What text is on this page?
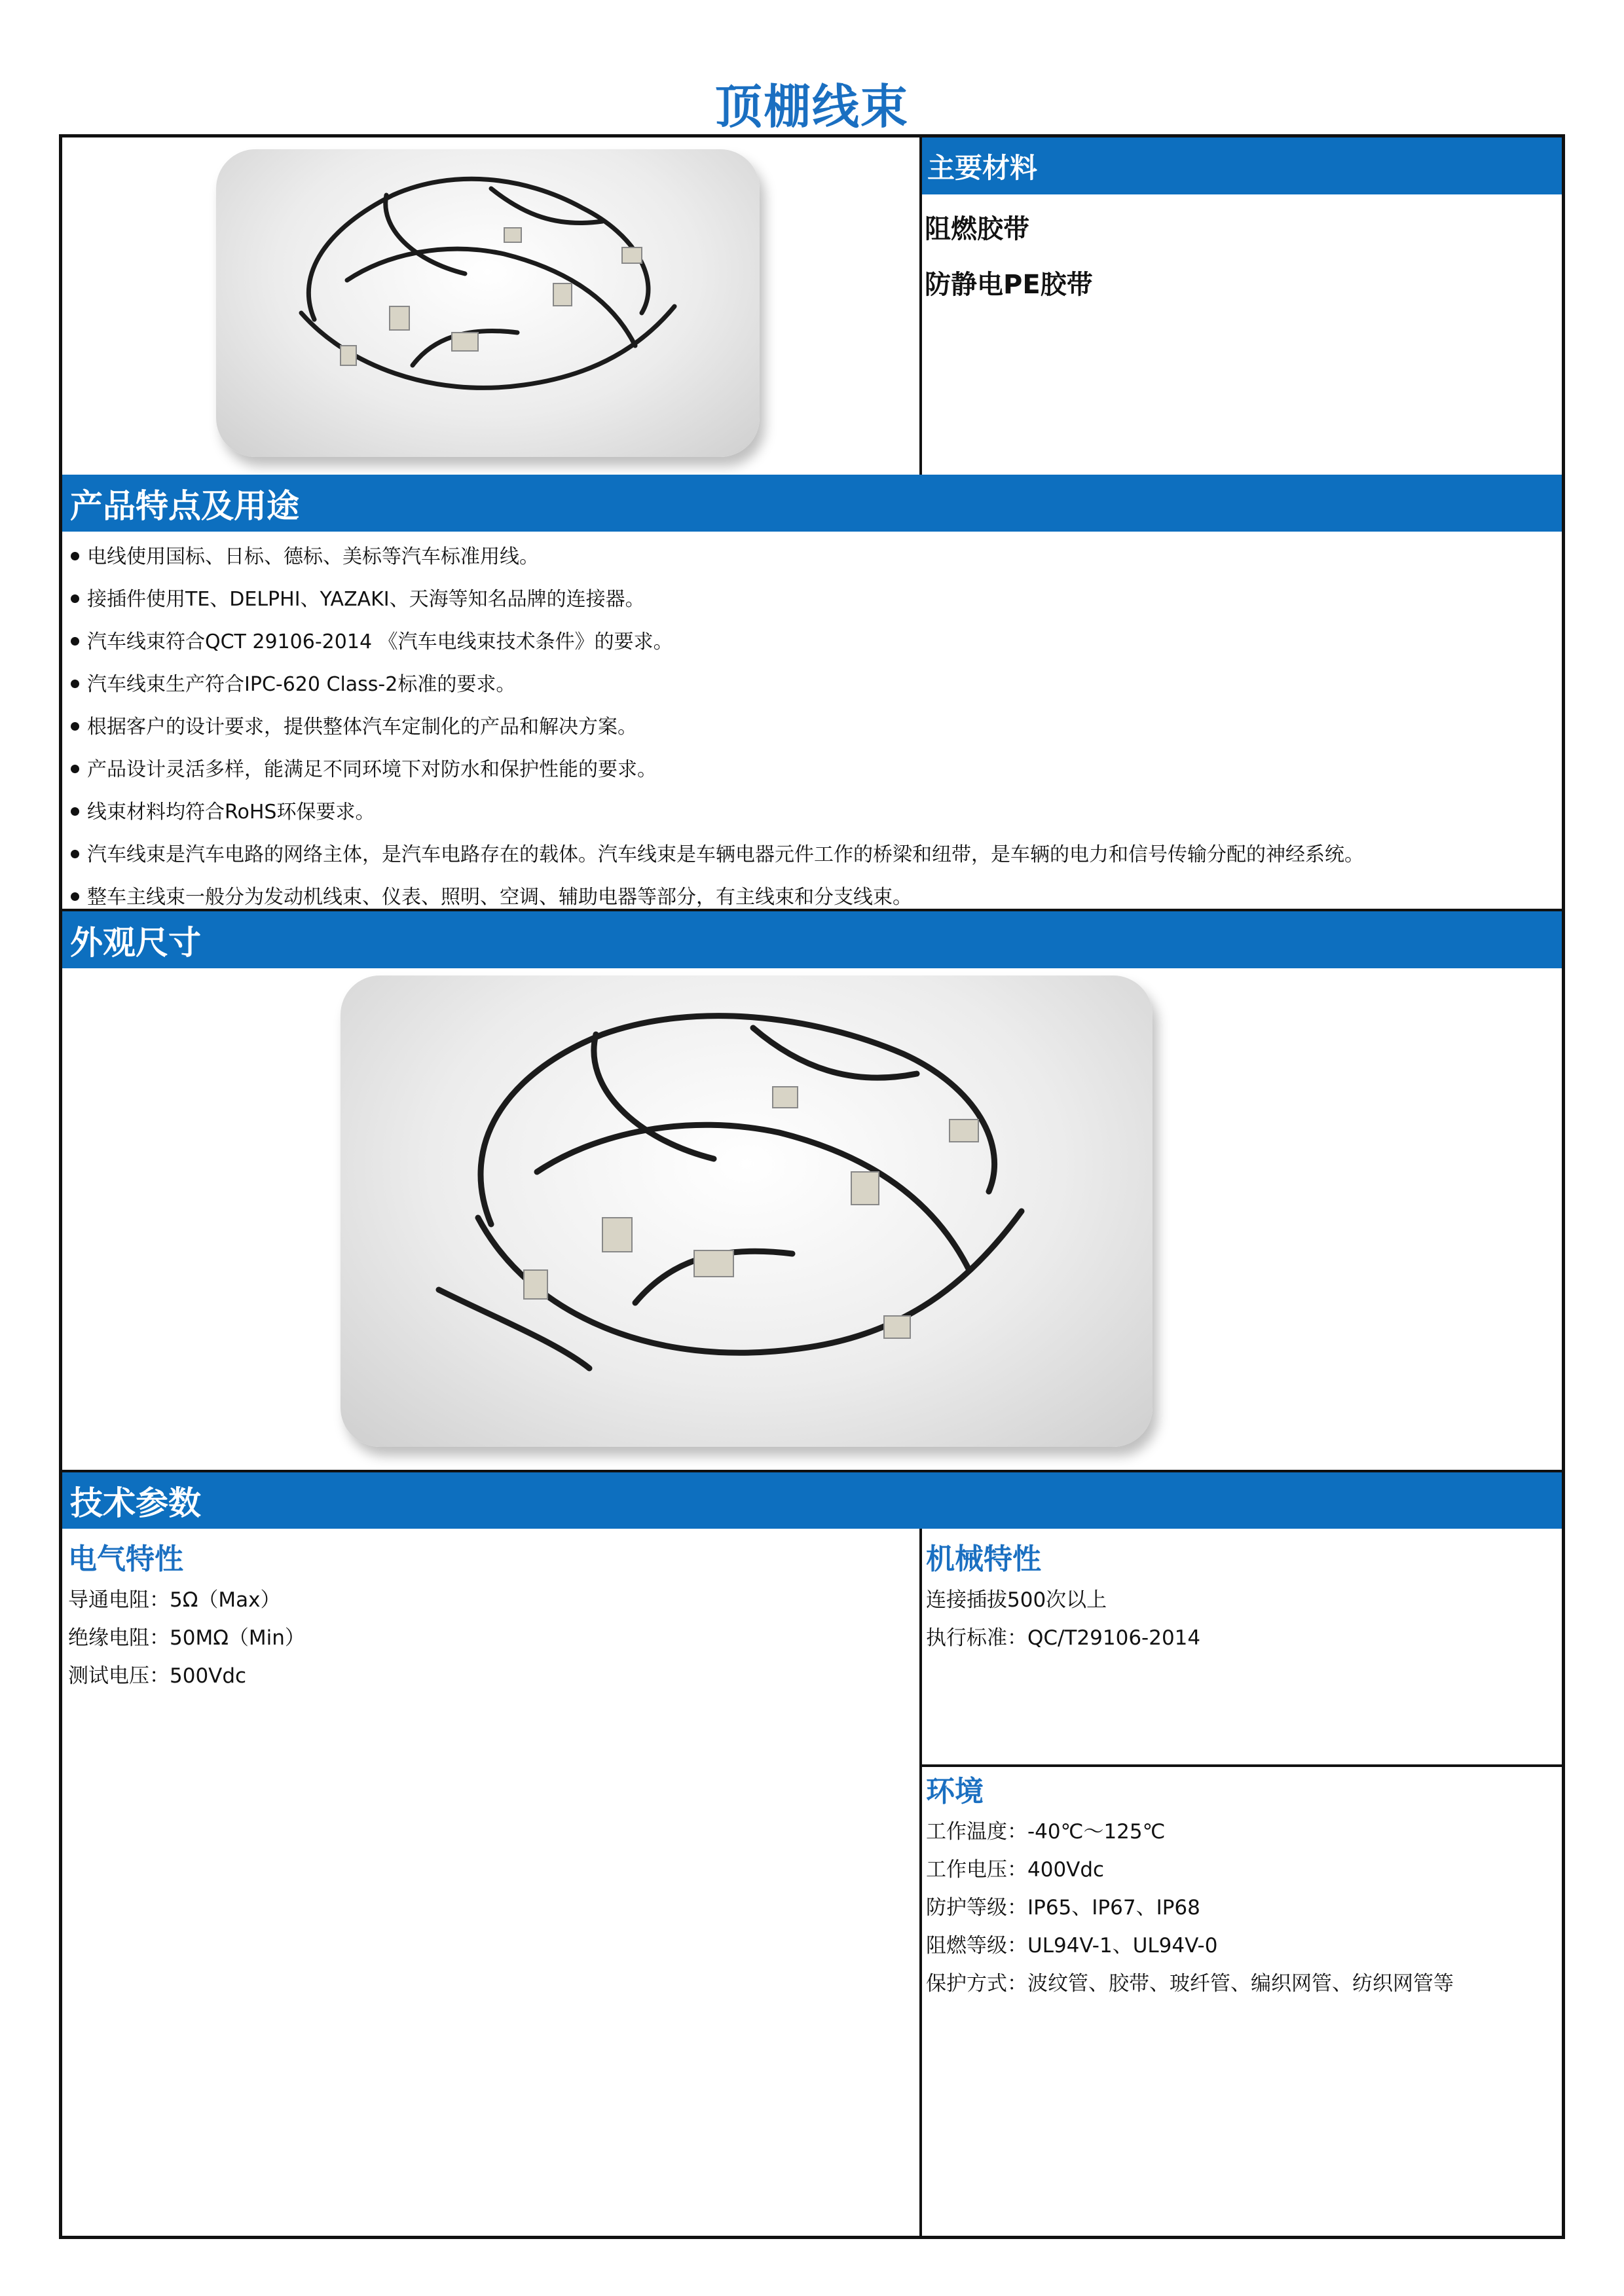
顶棚线束
主要材料
阻燃胶带
防静电PE胶带
产品特点及用途
电线使用国标、日标、德标、美标等汽车标准用线。
接插件使用TE、DELPHI、YAZAKI、天海等知名品牌的连接器。
汽车线束符合QCT 29106-2014 《汽车电线束技术条件》的要求。
汽车线束生产符合IPC-620 Class-2标准的要求。
根据客户的设计要求，提供整体汽车定制化的产品和解决方案。
产品设计灵活多样，能满足不同环境下对防水和保护性能的要求。
线束材料均符合RoHS环保要求。
汽车线束是汽车电路的网络主体，是汽车电路存在的载体。汽车线束是车辆电器元件工作的桥梁和纽带，是车辆的电力和信号传输分配的神经系统。
整车主线束一般分为发动机线束、仪表、照明、空调、辅助电器等部分，有主线束和分支线束。
外观尺寸
技术参数
电气特性
导通电阻：5Ω（Max）
绝缘电阻：50MΩ（Min）
测试电压：500Vdc
机械特性
连接插拔500次以上
执行标准：QC/T29106-2014
环境
工作温度：-40℃～125℃
工作电压：400Vdc
防护等级：IP65、IP67、IP68
阻燃等级：UL94V-1、UL94V-0
保护方式：波纹管、胶带、玻纤管、编织网管、纺织网管等
